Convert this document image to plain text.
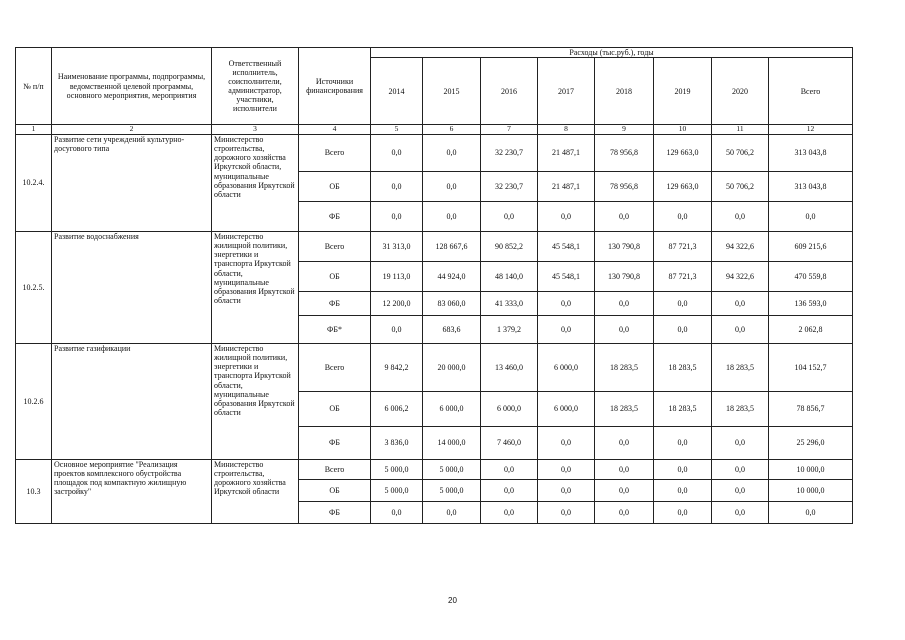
№ п/п	Наименование программы, подпрограммы, ведомственной целевой программы, основного мероприятия, мероприятия	Ответственный исполнитель, соисполнители, администратор, участники, исполнители	Источники финансирования	Расходы (тыс.руб.), годы							
				2014	2015	2016	2017	2018	2019	2020	Всего
1	2	3	4	5	6	7	8	9	10	11	12
10.2.4.	Развитие сети учреждений культурно-досугового типа	Министерство строительства, дорожного хозяйства Иркутской области, муниципальные образования Иркутской области	Всего	0,0	0,0	32 230,7	21 487,1	78 956,8	129 663,0	50 706,2	313 043,8
			ОБ	0,0	0,0	32 230,7	21 487,1	78 956,8	129 663,0	50 706,2	313 043,8
			ФБ	0,0	0,0	0,0	0,0	0,0	0,0	0,0	0,0
10.2.5.	Развитие водоснабжения	Министерство жилищной политики, энергетики и транспорта Иркутской области, муниципальные образования Иркутской области	Всего	31 313,0	128 667,6	90 852,2	45 548,1	130 790,8	87 721,3	94 322,6	609 215,6
			ОБ	19 113,0	44 924,0	48 140,0	45 548,1	130 790,8	87 721,3	94 322,6	470 559,8
			ФБ	12 200,0	83 060,0	41 333,0	0,0	0,0	0,0	0,0	136 593,0
			ФБ*	0,0	683,6	1 379,2	0,0	0,0	0,0	0,0	2 062,8
10.2.6	Развитие газификации	Министерство жилищной политики, энергетики и транспорта Иркутской области, муниципальные образования Иркутской области	Всего	9 842,2	20 000,0	13 460,0	6 000,0	18 283,5	18 283,5	18 283,5	104 152,7
			ОБ	6 006,2	6 000,0	6 000,0	6 000,0	18 283,5	18 283,5	18 283,5	78 856,7
			ФБ	3 836,0	14 000,0	7 460,0	0,0	0,0	0,0	0,0	25 296,0
10.3	Основное мероприятие "Реализация проектов комплексного обустройства площадок под компактную жилищную застройку"	Министерство строительства, дорожного хозяйства Иркутской области	Всего	5 000,0	5 000,0	0,0	0,0	0,0	0,0	0,0	10 000,0
			ОБ	5 000,0	5 000,0	0,0	0,0	0,0	0,0	0,0	10 000,0
			ФБ	0,0	0,0	0,0	0,0	0,0	0,0	0,0	0,0
20
